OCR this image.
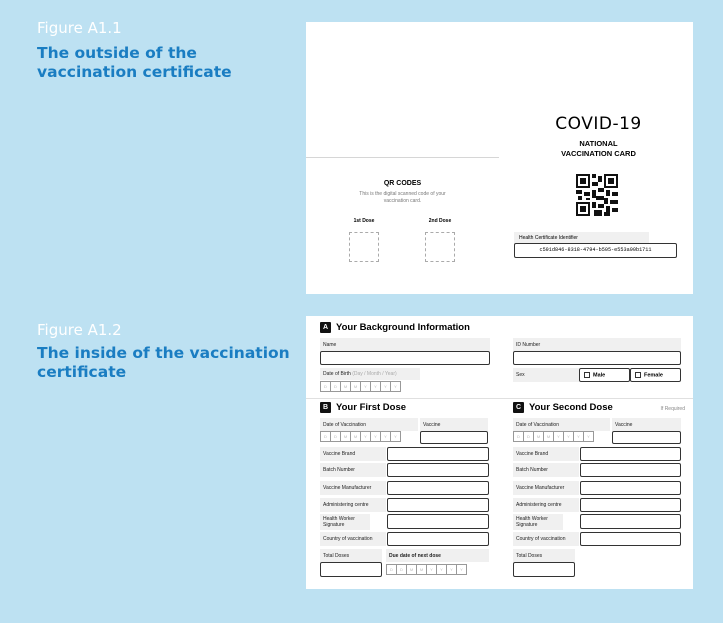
Figure A1.1
The outside of the vaccination certificate
QR CODES
This is the digital scanned code of your vaccination card.
1st Dose	2nd Dose
COVID-19
NATIONAL
VACCINATION CARD
Health Certificate Identifier
c591d846-8318-4794-b505-e553a90b1711
Figure A1.2
The inside of the vaccination certificate
A Your Background Information
Name	ID Number
Date of Birth
(Day / Month / Year)
D	D	M	M	Y	Y	Y	Y
Sex	Male	Female
B Your First Dose
Date of Vaccination
D	D	M	M	Y	Y	Y	Y
Vaccine
Vaccine Brand
Batch Number
Vaccine Manufacturer
Administering centre
Health Worker Signature
Country of vaccination
Total Doses	Due date of next dose
D	D	M	M	Y	Y	Y	Y
C Your Second Dose	If Required
Date of Vaccination
D	D	M	M	Y	Y	Y	Y
Vaccine
Vaccine Brand
Batch Number
Vaccine Manufacturer
Administering centre
Health Worker Signature
Country of vaccination
Total Doses
